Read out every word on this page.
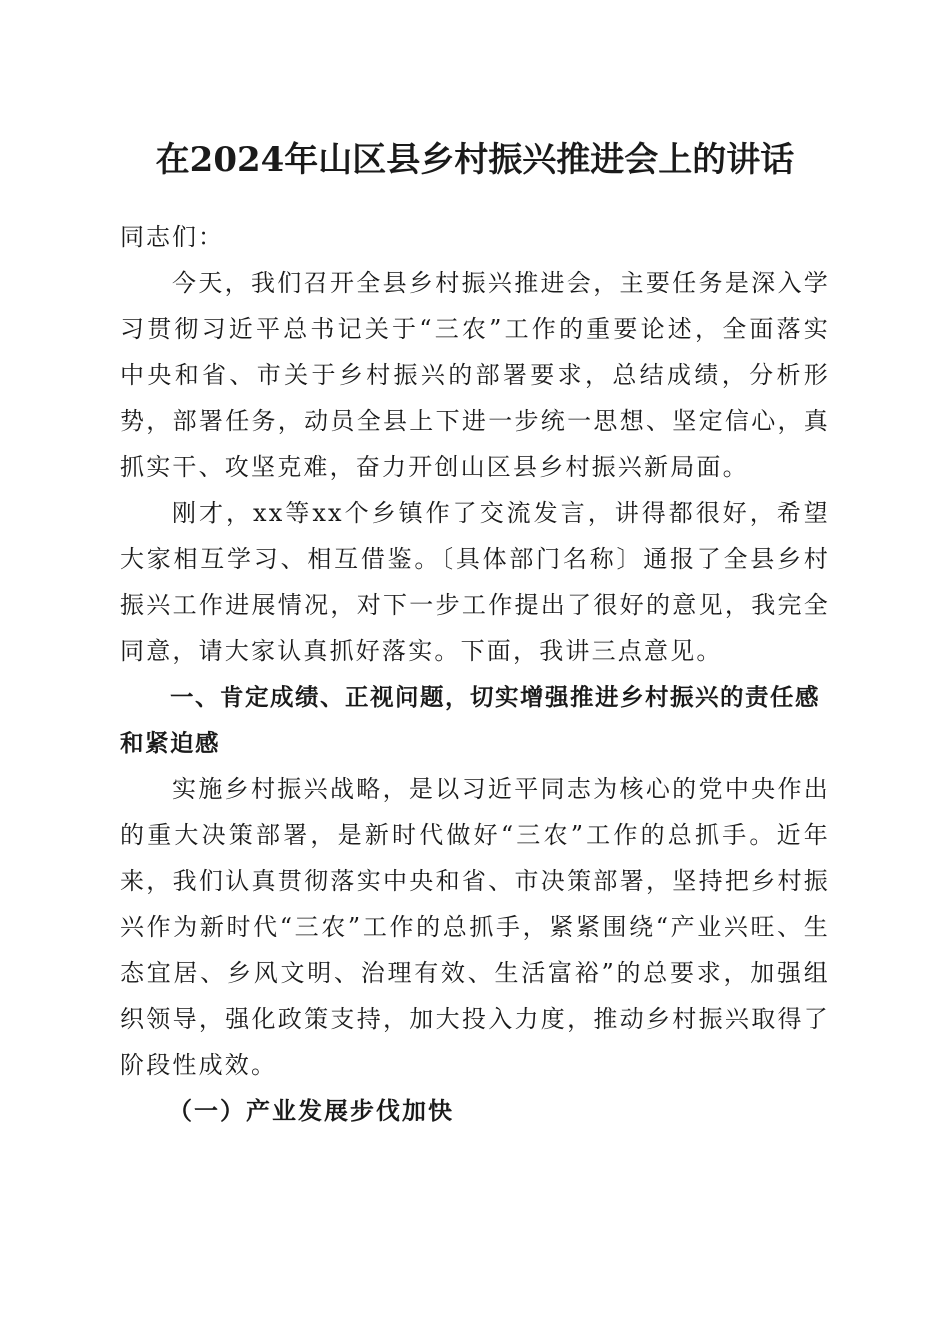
在2024年山区县乡村振兴推进会上的讲话

同志们：

今天，我们召开全县乡村振兴推进会，主要任务是深入学习贯彻习近平总书记关于“三农”工作的重要论述，全面落实中央和省、市关于乡村振兴的部署要求，总结成绩，分析形势，部署任务，动员全县上下进一步统一思想、坚定信心，真抓实干、攻坚克难，奋力开创山区县乡村振兴新局面。

刚才，xx等xx个乡镇作了交流发言，讲得都很好，希望大家相互学习、相互借鉴。〔具体部门名称〕通报了全县乡村振兴工作进展情况，对下一步工作提出了很好的意见，我完全同意，请大家认真抓好落实。下面，我讲三点意见。

一、肯定成绩、正视问题，切实增强推进乡村振兴的责任感和紧迫感

实施乡村振兴战略，是以习近平同志为核心的党中央作出的重大决策部署，是新时代做好“三农”工作的总抓手。近年来，我们认真贯彻落实中央和省、市决策部署，坚持把乡村振兴作为新时代“三农”工作的总抓手，紧紧围绕“产业兴旺、生态宜居、乡风文明、治理有效、生活富裕”的总要求，加强组织领导，强化政策支持，加大投入力度，推动乡村振兴取得了阶段性成效。

（一）产业发展步伐加快
